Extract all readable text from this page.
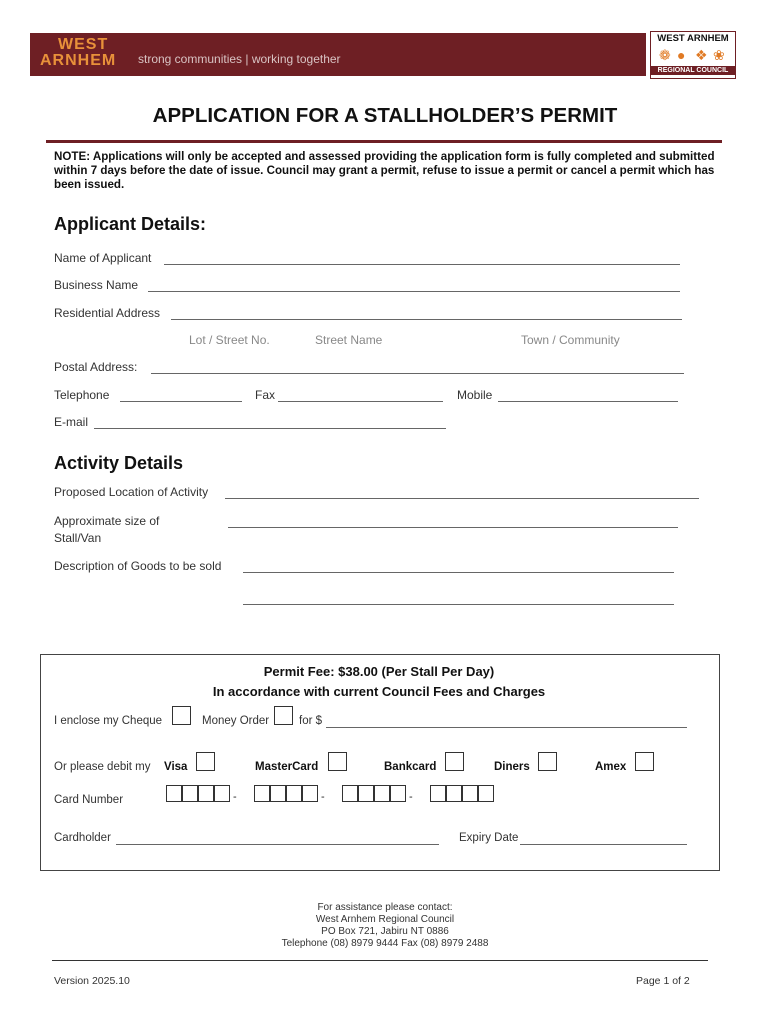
WEST
ARNHEM strong communities | working together
WEST ARNHEM
❁ ● ❖ ❀
REGIONAL COUNCIL
APPLICATION FOR A STALLHOLDER’S PERMIT
NOTE: Applications will only be accepted and assessed providing the application form is fully completed and submitted within 7 days before the date of issue. Council may grant a permit, refuse to issue a permit or cancel a permit which has been issued.
Applicant Details:
Name of Applicant
Business Name
Residential Address
Lot / Street No.	Street Name	Town / Community
Postal Address:
Telephone	Fax	Mobile
E-mail
Activity Details
Proposed Location of Activity
Approximate size of
Stall/Van
Description of Goods to be sold
Permit Fee: $38.00 (Per Stall Per Day)
In accordance with current Council Fees and Charges
I enclose my Cheque	Money Order	for $
Or please debit my Visa	MasterCard	Bankcard	Diners	Amex
Card Number	-	-	-
Cardholder	Expiry Date
For assistance please contact:
West Arnhem Regional Council
PO Box 721, Jabiru NT 0886
Telephone (08) 8979 9444 Fax (08) 8979 2488
Version 2025.10	Page 1 of 2
